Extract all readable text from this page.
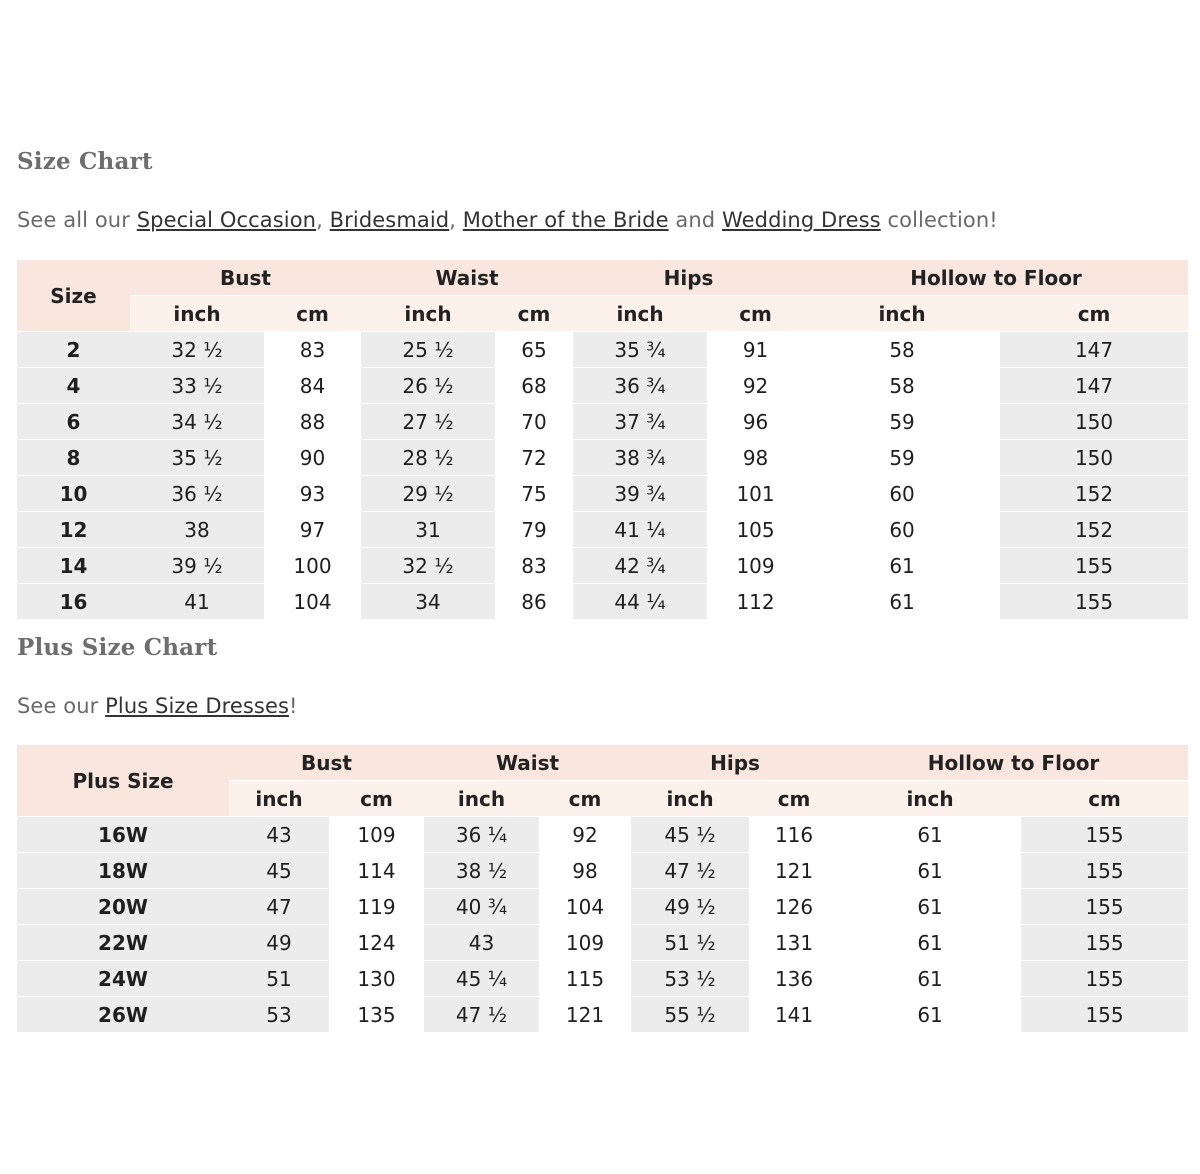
Size Chart

See all our Special Occasion, Bridesmaid, Mother of the Bride and Wedding Dress collection!

Size	Bust		Waist		Hips		Hollow to Floor	
	inch	cm	inch	cm	inch	cm	inch	cm
2	32 ½	83	25 ½	65	35 ¾	91	58	147
4	33 ½	84	26 ½	68	36 ¾	92	58	147
6	34 ½	88	27 ½	70	37 ¾	96	59	150
8	35 ½	90	28 ½	72	38 ¾	98	59	150
10	36 ½	93	29 ½	75	39 ¾	101	60	152
12	38	97	31	79	41 ¼	105	60	152
14	39 ½	100	32 ½	83	42 ¾	109	61	155
16	41	104	34	86	44 ¼	112	61	155
Plus Size Chart

See our Plus Size Dresses!

Plus Size	Bust		Waist		Hips		Hollow to Floor	
	inch	cm	inch	cm	inch	cm	inch	cm
16W	43	109	36 ¼	92	45 ½	116	61	155
18W	45	114	38 ½	98	47 ½	121	61	155
20W	47	119	40 ¾	104	49 ½	126	61	155
22W	49	124	43	109	51 ½	131	61	155
24W	51	130	45 ¼	115	53 ½	136	61	155
26W	53	135	47 ½	121	55 ½	141	61	155
